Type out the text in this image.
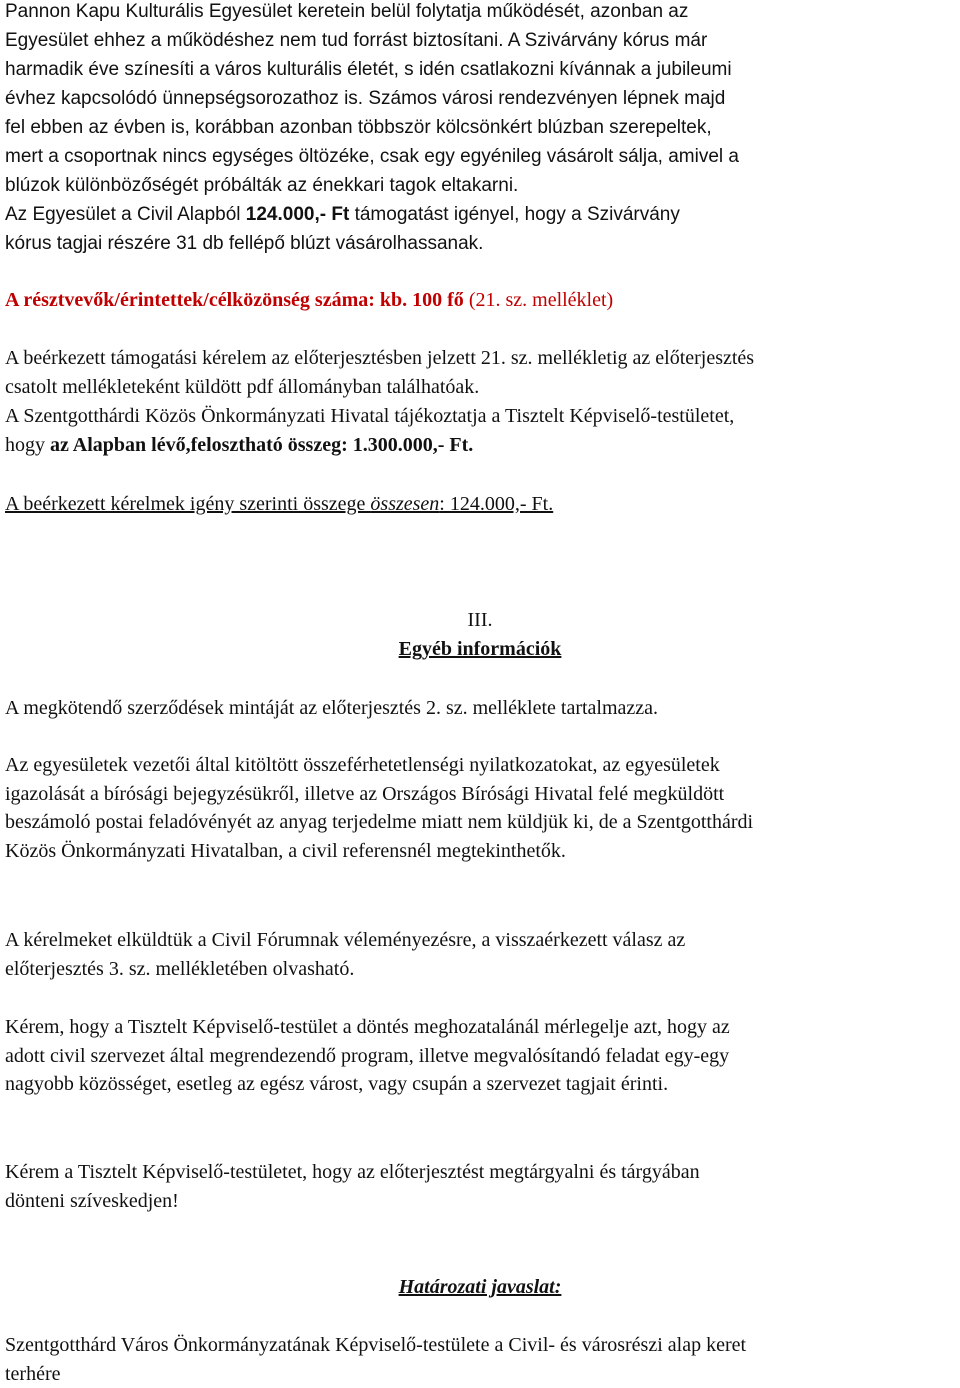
Pannon Kapu Kulturális Egyesület keretein belül folytatja működését, azonban az
Egyesület ehhez a működéshez nem tud forrást biztosítani. A Szivárvány kórus már
harmadik éve színesíti a város kulturális életét, s idén csatlakozni kívánnak a jubileumi
évhez kapcsolódó ünnepségsorozathoz is. Számos városi rendezvényen lépnek majd
fel ebben az évben is, korábban azonban többször kölcsönkért blúzban szerepeltek,
mert a csoportnak nincs egységes öltözéke, csak egy egyénileg vásárolt sálja, amivel a
blúzok különbözőségét próbálták az énekkari tagok eltakarni.
Az Egyesület a Civil Alapból 124.000,- Ft támogatást igényel, hogy a Szivárvány
kórus tagjai részére 31 db fellépő blúzt vásárolhassanak.
A résztvevők/érintettek/célközönség száma: kb. 100 fő (21. sz. melléklet)
A beérkezett támogatási kérelem az előterjesztésben jelzett 21. sz. mellékletig az előterjesztés
csatolt mellékleteként küldött pdf állományban találhatóak.
A Szentgotthárdi Közös Önkormányzati Hivatal tájékoztatja a Tisztelt Képviselő-testületet,
hogy az Alapban lévő,felosztható összeg: 1.300.000,- Ft.
A beérkezett kérelmek igény szerinti összege összesen: 124.000,- Ft.
III.
Egyéb információk
A megkötendő szerződések mintáját az előterjesztés 2. sz. melléklete tartalmazza.
Az egyesületek vezetői által kitöltött összeférhetetlenségi nyilatkozatokat, az egyesületek
igazolását a bírósági bejegyzésükről, illetve az Országos Bírósági Hivatal felé megküldött
beszámoló postai feladóvényét az anyag terjedelme miatt nem küldjük ki, de a Szentgotthárdi
Közös Önkormányzati Hivatalban, a civil referensnél megtekinthetők.
A kérelmeket elküldtük a Civil Fórumnak véleményezésre, a visszaérkezett válasz az
előterjesztés 3. sz. mellékletében olvasható.
Kérem, hogy a Tisztelt Képviselő-testület a döntés meghozatalánál mérlegelje azt, hogy az
adott civil szervezet által megrendezendő program, illetve megvalósítandó feladat egy-egy
nagyobb közösséget, esetleg az egész várost, vagy csupán a szervezet tagjait érinti.
Kérem a Tisztelt Képviselő-testületet, hogy az előterjesztést megtárgyalni és tárgyában
dönteni szíveskedjen!
Határozati javaslat:
Szentgotthárd Város Önkormányzatának Képviselő-testülete a Civil- és városrészi alap keret
terhére
